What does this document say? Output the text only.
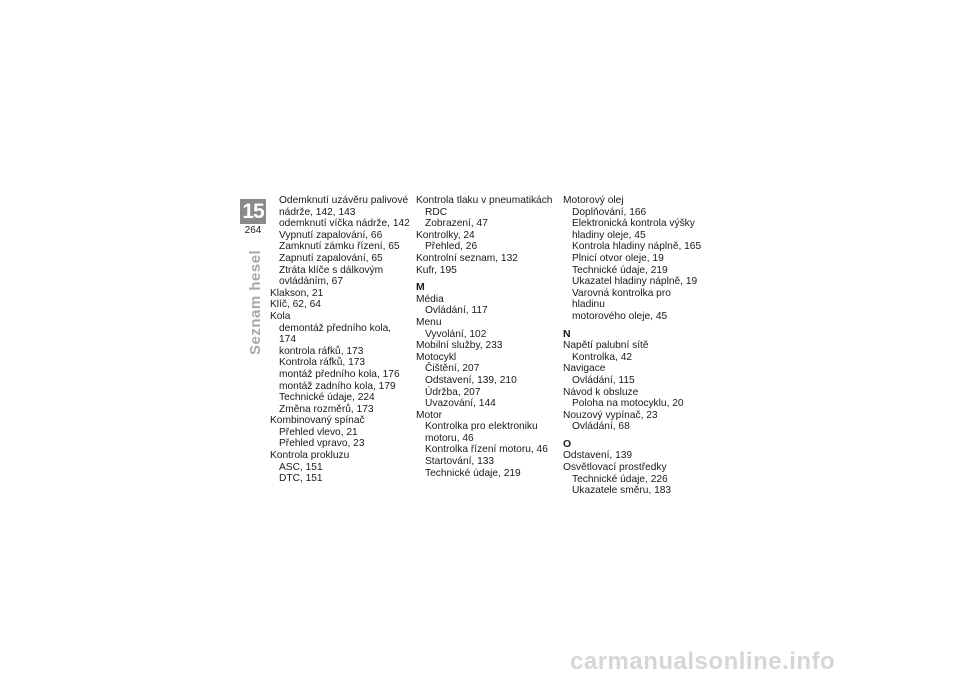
15
264
Seznam hesel
Odemknutí uzávěru palivové
nádrže, 142, 143
odemknutí víčka nádrže, 142
Vypnutí zapalování, 66
Zamknutí zámku řízení, 65
Zapnutí zapalování, 65
Ztráta klíče s dálkovým
ovládáním, 67
Klakson, 21
Klíč, 62, 64
Kola
demontáž předního kola, 174
kontrola ráfků, 173
Kontrola ráfků, 173
montáž předního kola, 176
montáž zadního kola, 179
Technické údaje, 224
Změna rozměrů, 173
Kombinovaný spínač
Přehled vlevo, 21
Přehled vpravo, 23
Kontrola prokluzu
ASC, 151
DTC, 151
Kontrola tlaku v pneumatikách
RDC
Zobrazení, 47
Kontrolky, 24
Přehled, 26
Kontrolní seznam, 132
Kufr, 195
M
Média
Ovládání, 117
Menu
Vyvolání, 102
Mobilní služby, 233
Motocykl
Čištění, 207
Odstavení, 139, 210
Údržba, 207
Uvazování, 144
Motor
Kontrolka pro elektroniku
motoru, 46
Kontrolka řízení motoru, 46
Startování, 133
Technické údaje, 219
Motorový olej
Doplňování, 166
Elektronická kontrola výšky
hladiny oleje, 45
Kontrola hladiny náplně, 165
Plnicí otvor oleje, 19
Technické údaje, 219
Ukazatel hladiny náplně, 19
Varovná kontrolka pro hladinu
motorového oleje, 45
N
Napětí palubní sítě
Kontrolka, 42
Navigace
Ovládání, 115
Návod k obsluze
Poloha na motocyklu, 20
Nouzový vypínač, 23
Ovládání, 68
O
Odstavení, 139
Osvětlovací prostředky
Technické údaje, 226
Ukazatele směru, 183
carmanualsonline.info
